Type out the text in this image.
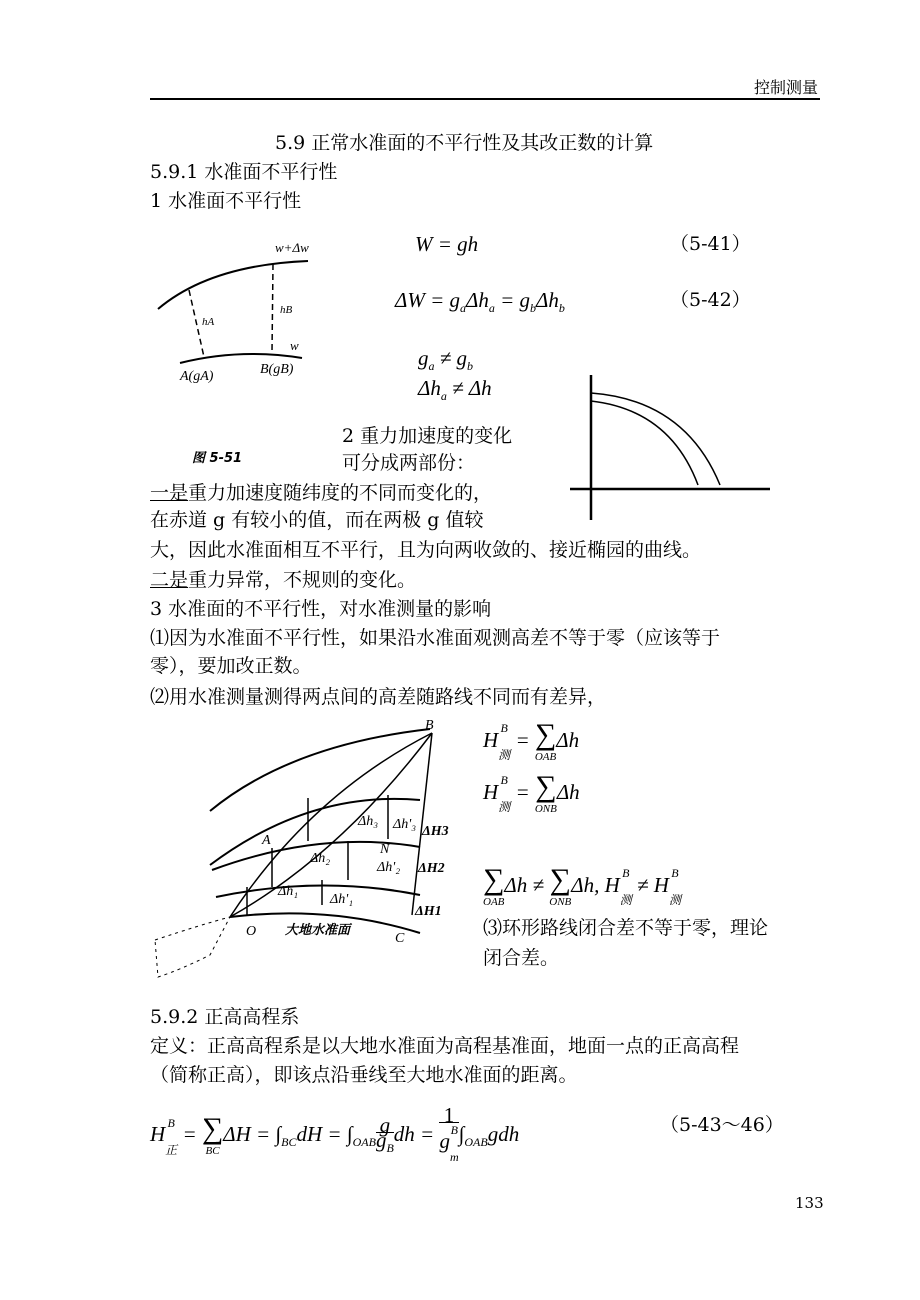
控制测量
5.9 正常水准面的不平行性及其改正数的计算
5.9.1 水准面不平行性
1 水准面不平行性
w+Δw
w
hA
hB
A(gA)	B(gB)
图 5-51
W = gh	（5-41）
$\Delta W = g_a\Delta h_a = g_b\Delta h_b$	（5-42）
$g_a \ne g_b$
$\Delta h_a \ne \Delta h$
2 重力加速度的变化
可分成两部份：
一是重力加速度随纬度的不同而变化的，
在赤道 g 有较小的值，而在两极 g 值较
大，因此水准面相互不平行，且为向两收敛的、接近椭园的曲线。
二是重力异常，不规则的变化。
3 水准面的不平行性，对水准测量的影响
⑴因为水准面不平行性，如果沿水准面观测高差不等于零（应该等于
零），要加改正数。
⑵用水准测量测得两点间的高差随路线不同而有差异，
B
A
N
O	C
大地水准面
Δh₁
Δh₂
Δh₃
Δh'₁
Δh'₂
Δh'₃
ΔH1
ΔH2
ΔH3
H $^B$
$_测$ = ∑
OAB
Δh
H $^B$
$_测$ = ∑
ONB
Δh
∑
OAB
Δh ≠ ∑
ONB
Δh, H $^B$
$_测$ ≠ H $^B$
$_测$
⑶环形路线闭合差不等于零，理论
闭合差。
5.9.2 正高高程系
定义：正高高程系是以大地水准面为高程基准面，地面一点的正高高程
（简称正高），即该点沿垂线至大地水准面的距离。
H $^B$
$_正$ = ∑
BC
$\Delta H = \int_{BC}dH = \int_{OAB}$
g
$g_Bdh$ =
1
$g^B$
$_m\int_{OAB}gdh$	（5-43～46）
133
